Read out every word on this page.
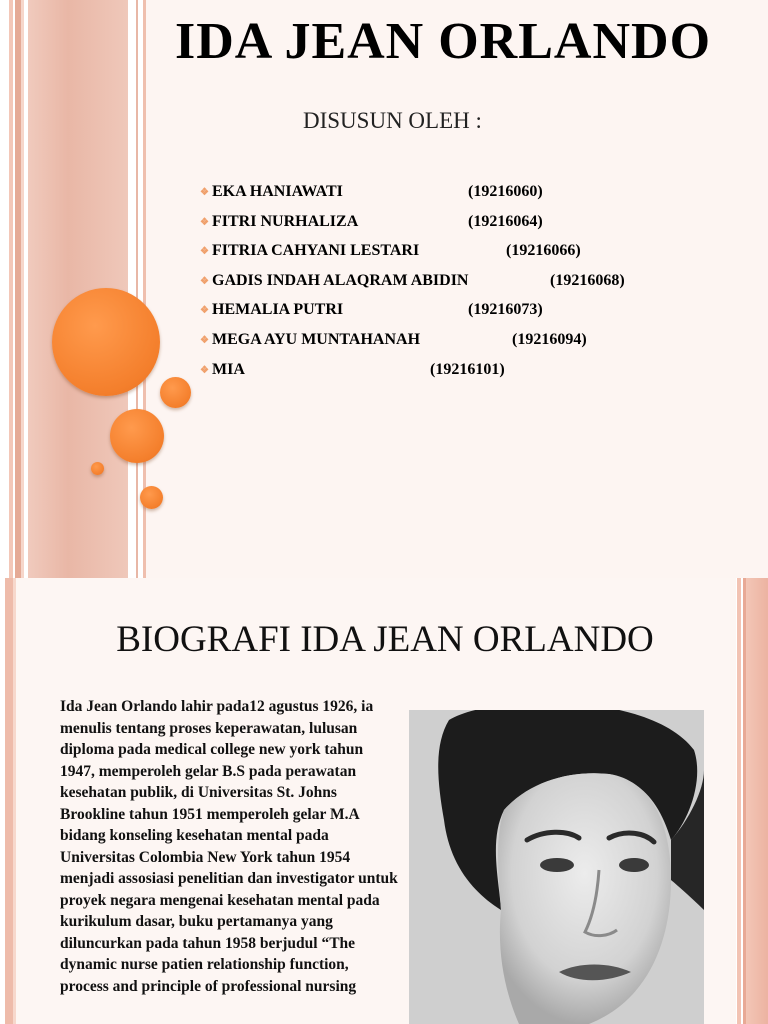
IDA JEAN ORLANDO
DISUSUN OLEH :
❖ EKA HANIAWATI	(19216060)
❖ FITRI NURHALIZA	(19216064)
❖ FITRIA CAHYANI LESTARI	(19216066)
❖ GADIS INDAH ALAQRAM ABIDIN	(19216068)
❖ HEMALIA PUTRI	(19216073)
❖ MEGA AYU MUNTAHANAH	(19216094)
❖ MIA	(19216101)
BIOGRAFI IDA JEAN ORLANDO

Ida Jean Orlando lahir pada12 agustus 1926, ia menulis tentang proses keperawatan, lulusan diploma pada medical college new york tahun 1947, memperoleh gelar B.S pada perawatan kesehatan publik, di Universitas St. Johns Brookline tahun 1951 memperoleh gelar M.A bidang konseling kesehatan mental pada Universitas Colombia New York tahun 1954 menjadi assosiasi penelitian dan investigator untuk proyek negara mengenai kesehatan mental pada kurikulum dasar, buku pertamanya yang diluncurkan pada tahun 1958 berjudul “The dynamic nurse patien relationship function, process and principle of professional nursing
